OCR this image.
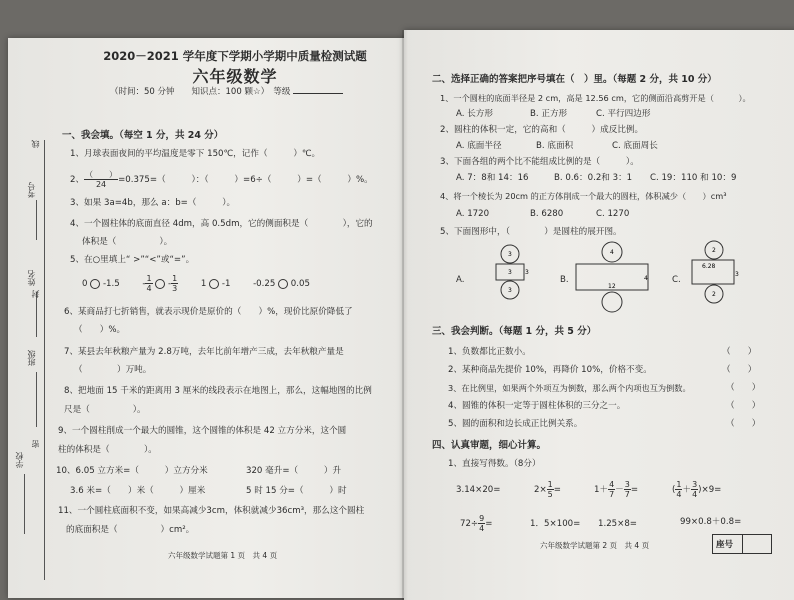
2020－2021 学年度下学期小学期中质量检测试题
六年级数学
（时间：50 分钟　　知识点：100 颗☆）　等级
线
考号
姓名
封
班级
密
学校
一、我会填。（每空 1 分，共 24 分）
1、月球表面夜间的平均温度是零下 150℃，记作（　　　）℃。
2、 $\frac{( )}{24} =0.375=$（　　　）：（　　　）=6÷（　　　）=（　　　）%。
3、如果 3a=4b，那么 a：b=（　　　）。
4、一个圆柱体的底面直径 4dm，高 0.5dm，它的侧面积是（　　　　），它的
体积是（　　　　　）。
5、在○里填上“ >”“<”或“=”。
0 -1.5 　　 - $\frac{1}{4} - \frac{1}{3}$
　　	1 -1 　　	-0.25 0.05
6、某商品打七折销售，就表示现价是原价的（　　）%，现价比原价降低了
（　　）%。
7、某县去年秋粮产量为 2.8万吨，去年比前年增产三成，去年秋粮产量是
（　　　　）万吨。
8、把地面 15 千米的距离用 3 厘米的线段表示在地图上，那么，这幅地图的比例
尺是（　　　　　）。
9、一个圆柱削成一个最大的圆锥，这个圆锥的体积是 42 立方分米，这个圆
柱的体积是（　　　　）。
10、6.05 立方米=（　　　）立方分米	320 毫升=（　　　）升
3.6 米=（　　）米（　　　）厘米	5 时 15 分=（　　　）时
11、一个圆柱底面积不变，如果高减少3cm，体积就减少36cm³，那么这个圆柱
的底面积是（　　　　　）cm²。
六年级数学试题第 1 页　共 4 页
二、选择正确的答案把序号填在（　）里。（每题 2 分，共 10 分）
1、一个圆柱的底面半径是 2 cm，高是 12.56 cm，它的侧面沿高剪开是（　　　）。
A. 长方形	B. 正方形	C. 平行四边形
2、圆柱的体积一定，它的高和（　　　）成反比例。
A. 底面半径	B. 底面积	C. 底面周长
3、下面各组的两个比不能组成比例的是（　　　）。
A. 7：8和 14：16	B. 0.6：0.2和 3：1 C. 19：110 和 10：9
4、将一个棱长为 20cm 的正方体削成一个最大的圆柱，体积减少（　　）cm³
A. 1720	B. 6280	C. 1270
5、下面图形中，（　　　　）是圆柱的展开图。
A.	B.	C.
3
3 3
3
4
4
12
2
6.28
3
2
三、我会判断。（每题 1 分，共 5 分）
1、负数都比正数小。	（　　）
2、某种商品先提价 10%，再降价 10%，价格不变。	（　　）
3、在比例里，如果两个外项互为倒数，那么两个内项也互为倒数。	（　　）
4、圆锥的体积一定等于圆柱体积的三分之一。	（　　）
5、圆的面积和边长成正比例关系。	（　　）
四、认真审题，细心计算。
1、直接写得数。（8分）
3.14×20=	$2\times \frac{1}{5}$ =	$1+ \frac{4}{7} - \frac{3}{7}$ =	( $\frac{1}{4} + \frac{3}{4} )\times 9=$
$72\div \frac{9}{4}$ =	1．5×100= 1.25×8=	99×0.8＋0.8=
六年级数学试题第 2 页　共 4 页	座号
